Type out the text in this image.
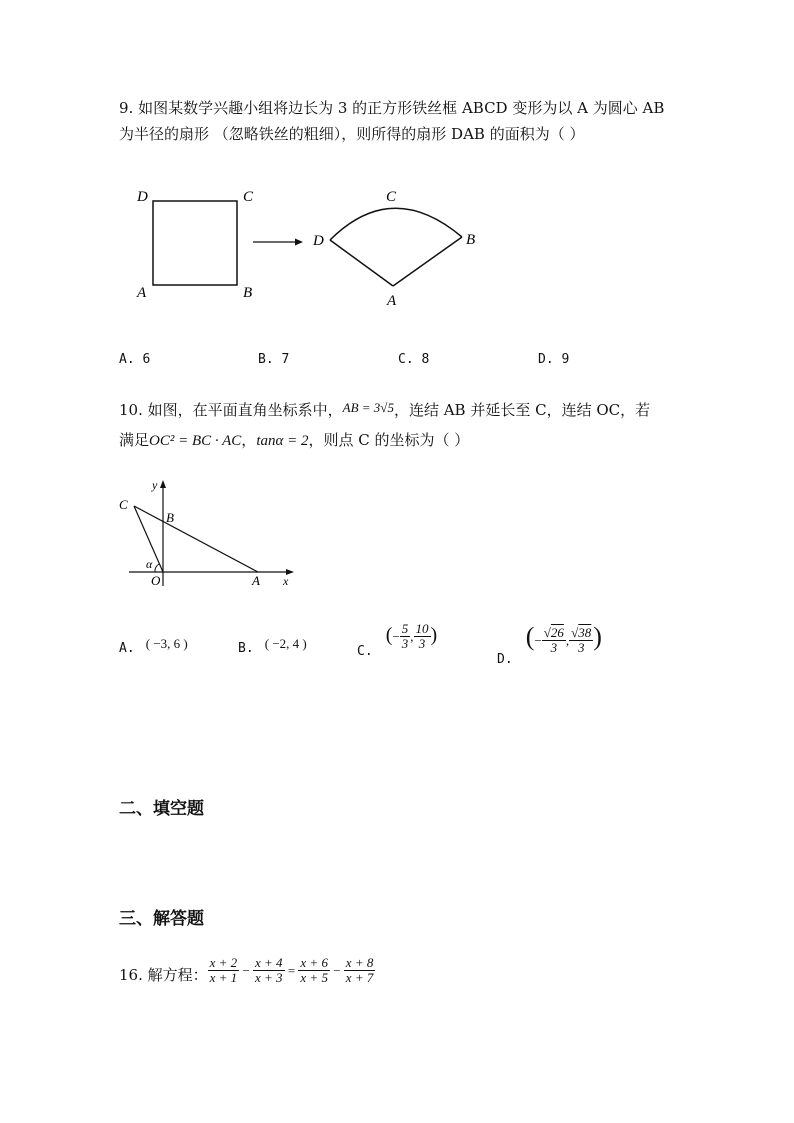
9. 如图某数学兴趣小组将边长为 3 的正方形铁丝框 ABCD 变形为以 A 为圆心 AB
为半径的扇形 （忽略铁丝的粗细），则所得的扇形 DAB 的面积为（ ）
D	C
A	B
C
D	B
A
A. 6	B. 7	C. 8	D. 9
10. 如图，在平面直角坐标系中，AB = 3√5，连结 AB 并延长至 C，连结 OC，若
满足OC² = BC · AC，tanα = 2，则点 C 的坐标为（ ）
y
C
B
α
O	A x
A. $^{( -3, 6 )}$	B. $^{( -2, 4 )}$
$_{C.}$ (− $\frac{5}{3}$ , $\frac{10}{3}$ )
$_{D.}$ (− $\frac{√26}{3}$ , $\frac{√38}{3}$ )
二、填空题
三、解答题
16. 解方程： $\frac{x + 2}{x + 1} - \frac{x + 4}{x + 3} = \frac{x + 6}{x + 5} - \frac{x + 8}{x + 7}$
